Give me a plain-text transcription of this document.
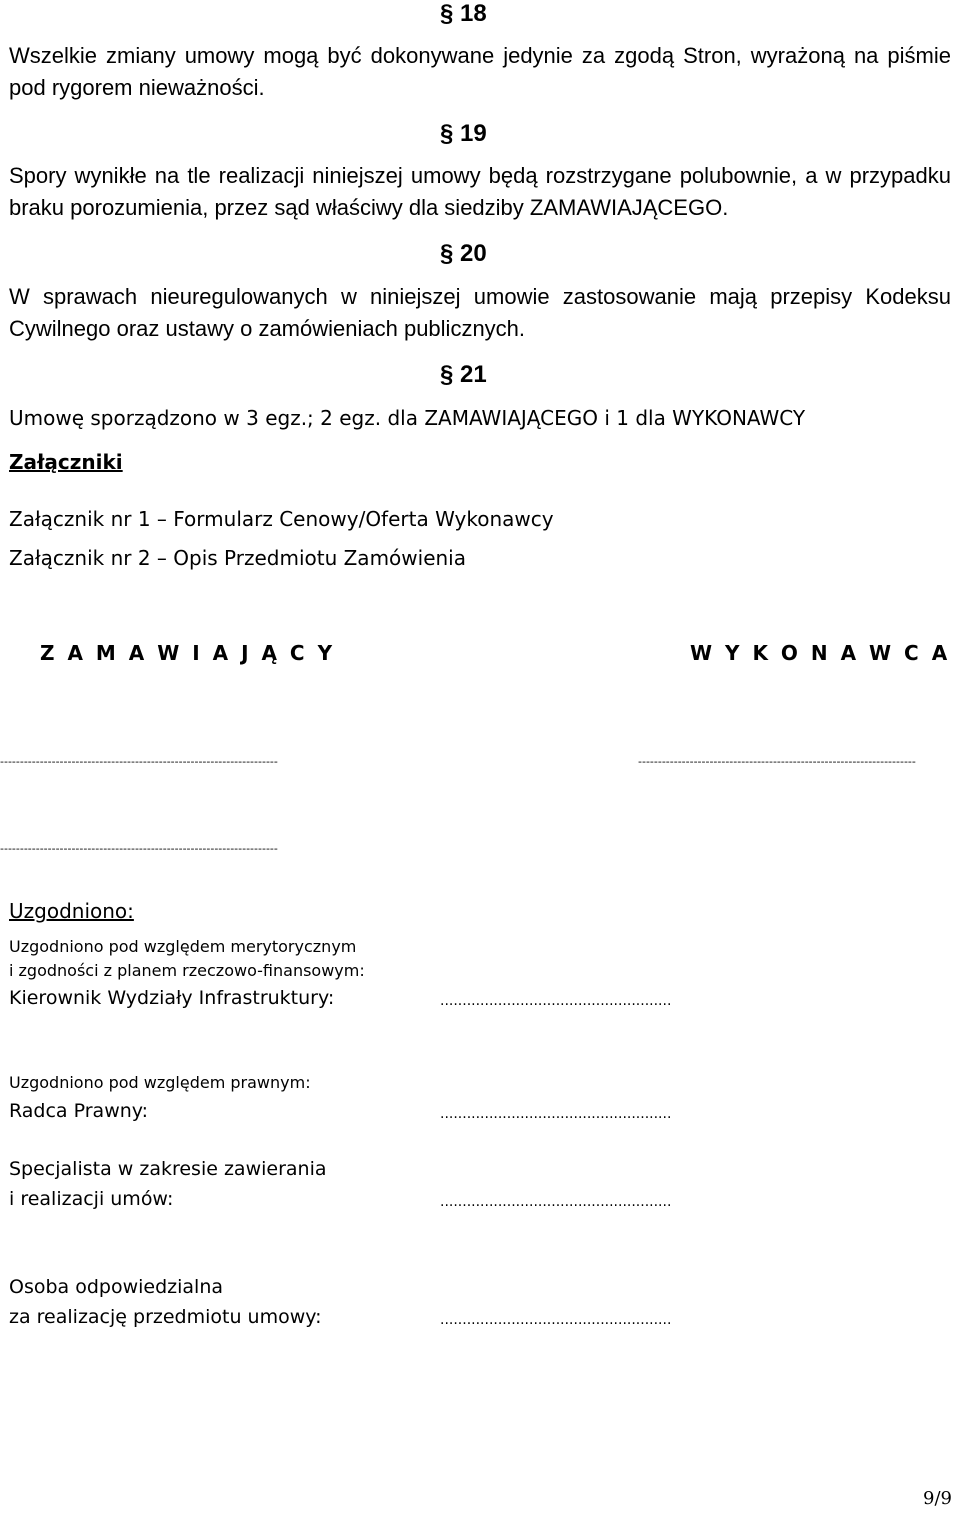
§ 18
Wszelkie zmiany umowy mogą być dokonywane jedynie za zgodą Stron, wyrażoną na piśmie pod rygorem nieważności.
§ 19
Spory wynikłe na tle realizacji niniejszej umowy będą rozstrzygane polubownie, a w przypadku braku porozumienia, przez sąd właściwy dla siedziby ZAMAWIAJĄCEGO.
§ 20
W sprawach nieuregulowanych w niniejszej umowie zastosowanie mają przepisy Kodeksu Cywilnego oraz ustawy o zamówieniach publicznych.
§ 21
Umowę sporządzono w 3 egz.; 2 egz. dla ZAMAWIAJĄCEGO i 1 dla WYKONAWCY
Załączniki
Załącznik nr 1 – Formularz Cenowy/Oferta Wykonawcy
Załącznik nr 2 – Opis Przedmiotu Zamówienia
Z A M A W I A J Ą C Y	W Y K O N A W C A
----------------------------------------------------------------------	----------------------------------------------------------------------
----------------------------------------------------------------------
Uzgodniono:
Uzgodniono pod względem merytorycznym
i zgodności z planem rzeczowo-finansowym:
Kierownik Wydziały Infrastruktury:	....................................................
Uzgodniono pod względem prawnym:
Radca Prawny:	....................................................
Specjalista w zakresie zawierania
i realizacji umów:	....................................................
Osoba odpowiedzialna
za realizację przedmiotu umowy:	....................................................
9/9
